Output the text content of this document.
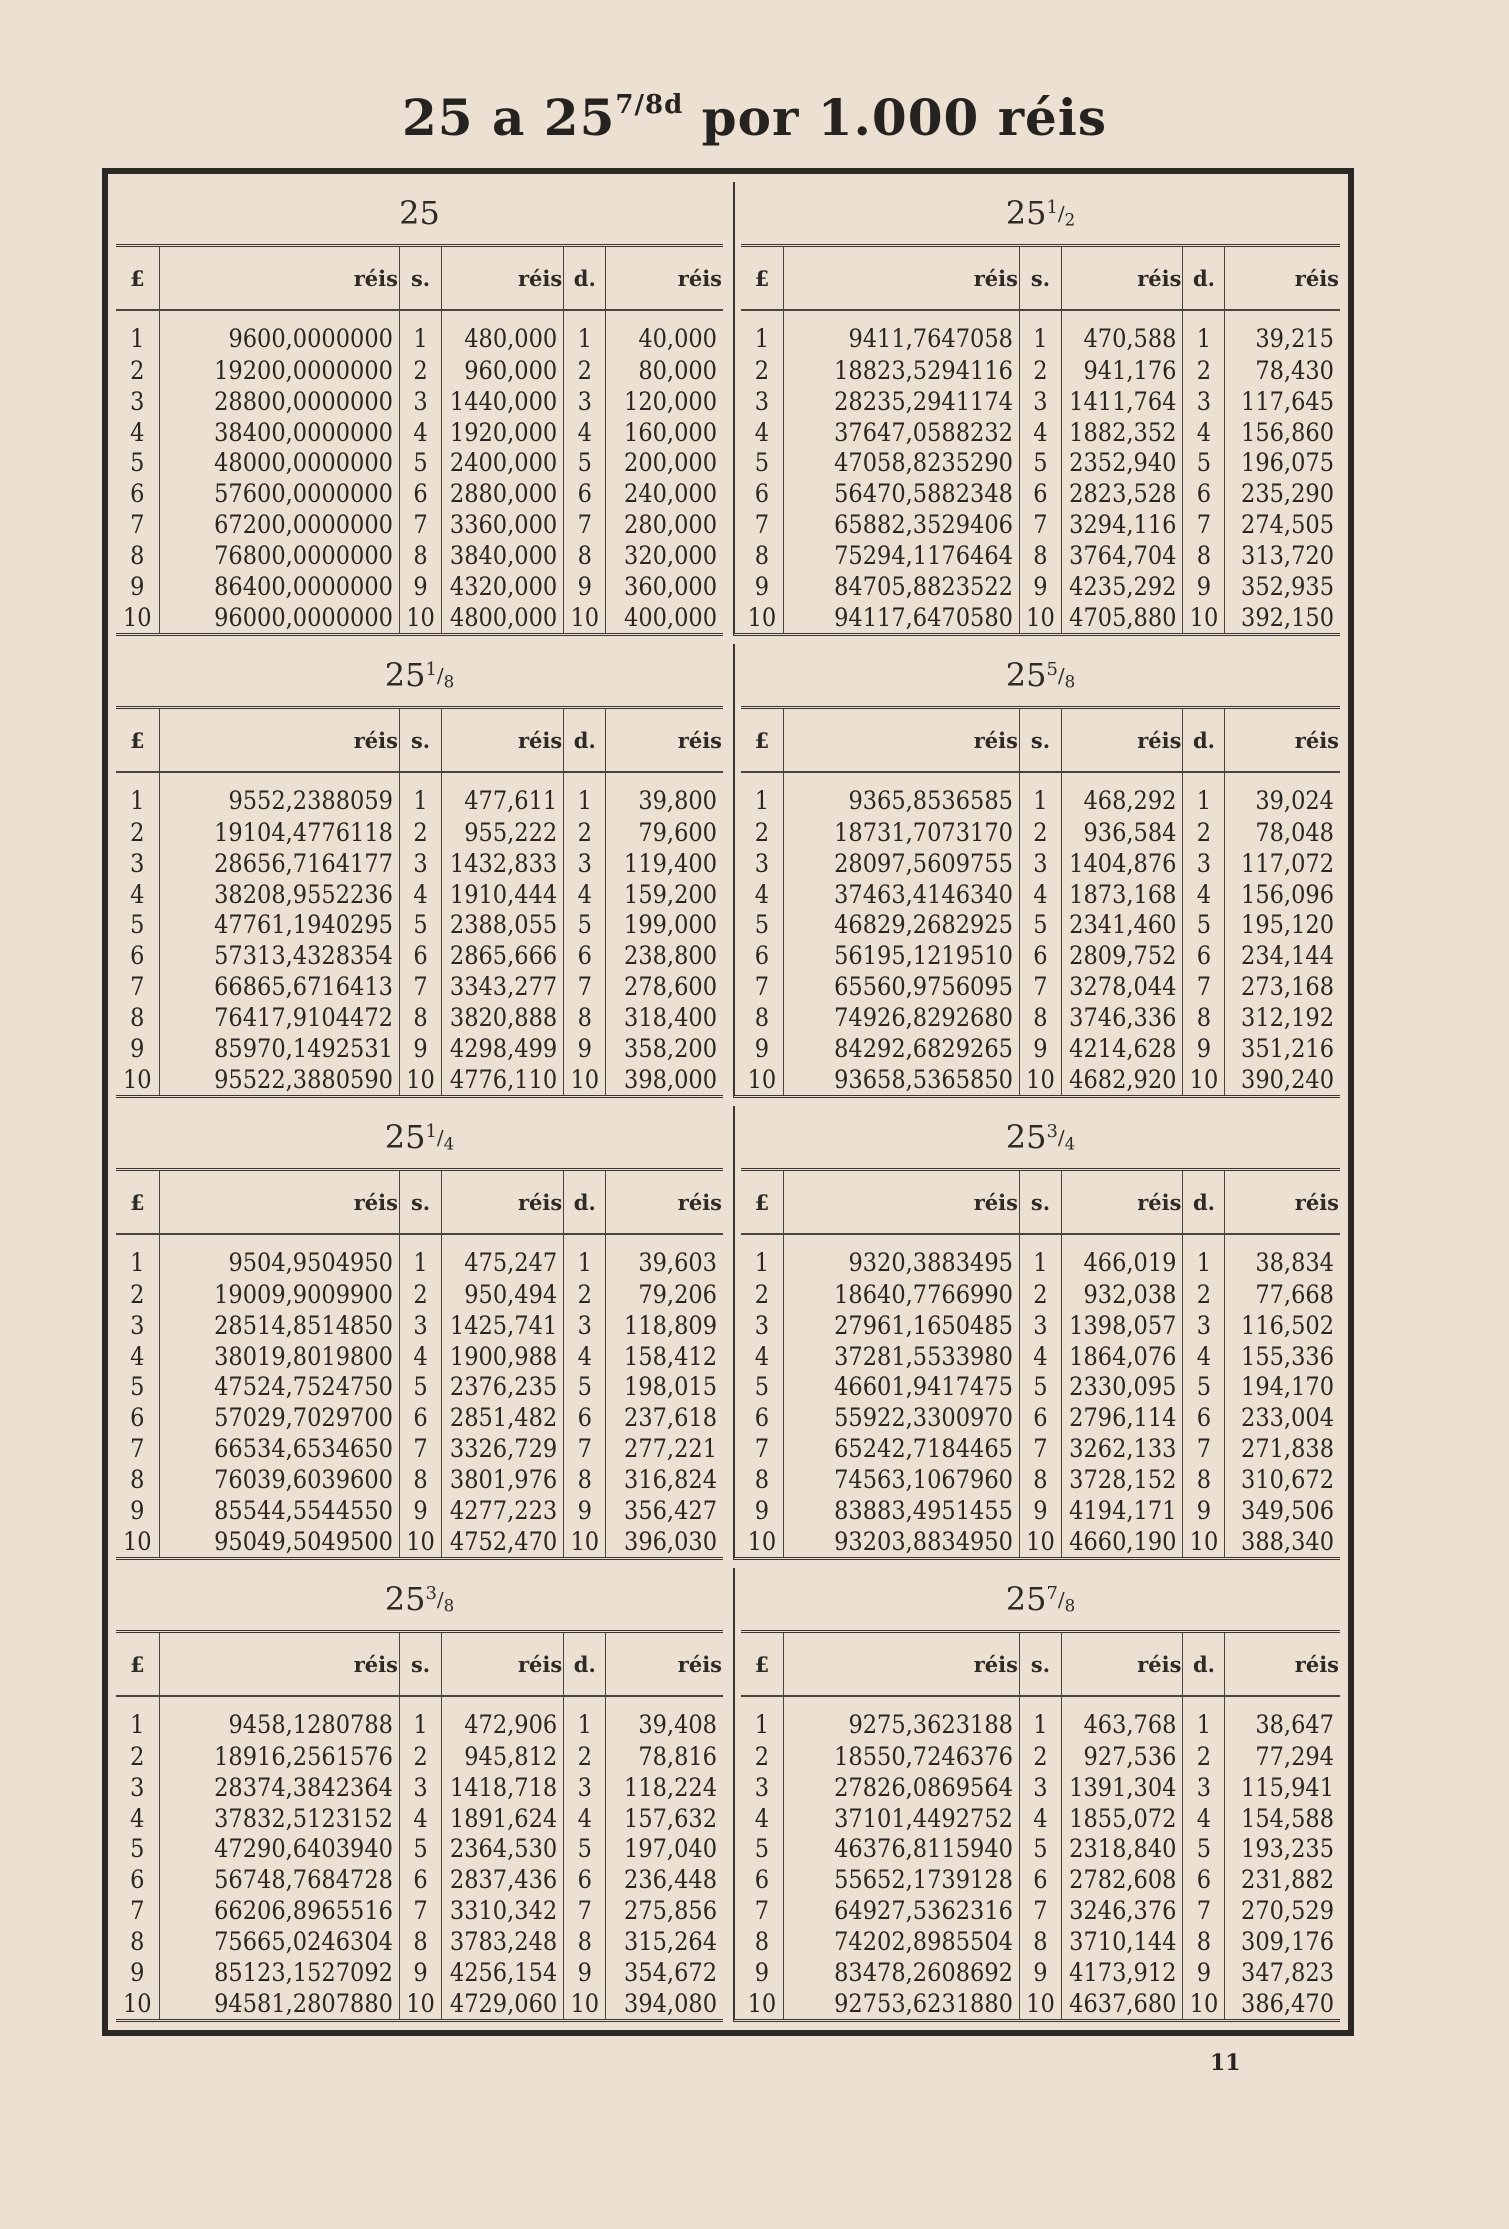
25 a $25^{7/8d}$ por 1.000 réis
25
£	réis	s.	réis	d.	réis
1	9600,0000000	1	480,000	1	40,000
2	19200,0000000	2	960,000	2	80,000
3	28800,0000000	3	1440,000	3	120,000
4	38400,0000000	4	1920,000	4	160,000
5	48000,0000000	5	2400,000	5	200,000
6	57600,0000000	6	2880,000	6	240,000
7	67200,0000000	7	3360,000	7	280,000
8	76800,0000000	8	3840,000	8	320,000
9	86400,0000000	9	4320,000	9	360,000
10	96000,0000000	10	4800,000	10	400,000
25 $^1/_2$
£	réis	s.	réis	d.	réis
1	9411,7647058	1	470,588	1	39,215
2	18823,5294116	2	941,176	2	78,430
3	28235,2941174	3	1411,764	3	117,645
4	37647,0588232	4	1882,352	4	156,860
5	47058,8235290	5	2352,940	5	196,075
6	56470,5882348	6	2823,528	6	235,290
7	65882,3529406	7	3294,116	7	274,505
8	75294,1176464	8	3764,704	8	313,720
9	84705,8823522	9	4235,292	9	352,935
10	94117,6470580	10	4705,880	10	392,150
25 $^1/_8$
£	réis	s.	réis	d.	réis
1	9552,2388059	1	477,611	1	39,800
2	19104,4776118	2	955,222	2	79,600
3	28656,7164177	3	1432,833	3	119,400
4	38208,9552236	4	1910,444	4	159,200
5	47761,1940295	5	2388,055	5	199,000
6	57313,4328354	6	2865,666	6	238,800
7	66865,6716413	7	3343,277	7	278,600
8	76417,9104472	8	3820,888	8	318,400
9	85970,1492531	9	4298,499	9	358,200
10	95522,3880590	10	4776,110	10	398,000
25 $^5/_8$
£	réis	s.	réis	d.	réis
1	9365,8536585	1	468,292	1	39,024
2	18731,7073170	2	936,584	2	78,048
3	28097,5609755	3	1404,876	3	117,072
4	37463,4146340	4	1873,168	4	156,096
5	46829,2682925	5	2341,460	5	195,120
6	56195,1219510	6	2809,752	6	234,144
7	65560,9756095	7	3278,044	7	273,168
8	74926,8292680	8	3746,336	8	312,192
9	84292,6829265	9	4214,628	9	351,216
10	93658,5365850	10	4682,920	10	390,240
25 $^1/_4$
£	réis	s.	réis	d.	réis
1	9504,9504950	1	475,247	1	39,603
2	19009,9009900	2	950,494	2	79,206
3	28514,8514850	3	1425,741	3	118,809
4	38019,8019800	4	1900,988	4	158,412
5	47524,7524750	5	2376,235	5	198,015
6	57029,7029700	6	2851,482	6	237,618
7	66534,6534650	7	3326,729	7	277,221
8	76039,6039600	8	3801,976	8	316,824
9	85544,5544550	9	4277,223	9	356,427
10	95049,5049500	10	4752,470	10	396,030
25 $^3/_4$
£	réis	s.	réis	d.	réis
1	9320,3883495	1	466,019	1	38,834
2	18640,7766990	2	932,038	2	77,668
3	27961,1650485	3	1398,057	3	116,502
4	37281,5533980	4	1864,076	4	155,336
5	46601,9417475	5	2330,095	5	194,170
6	55922,3300970	6	2796,114	6	233,004
7	65242,7184465	7	3262,133	7	271,838
8	74563,1067960	8	3728,152	8	310,672
9	83883,4951455	9	4194,171	9	349,506
10	93203,8834950	10	4660,190	10	388,340
25 $^3/_8$
£	réis	s.	réis	d.	réis
1	9458,1280788	1	472,906	1	39,408
2	18916,2561576	2	945,812	2	78,816
3	28374,3842364	3	1418,718	3	118,224
4	37832,5123152	4	1891,624	4	157,632
5	47290,6403940	5	2364,530	5	197,040
6	56748,7684728	6	2837,436	6	236,448
7	66206,8965516	7	3310,342	7	275,856
8	75665,0246304	8	3783,248	8	315,264
9	85123,1527092	9	4256,154	9	354,672
10	94581,2807880	10	4729,060	10	394,080
25 $^7/_8$
£	réis	s.	réis	d.	réis
1	9275,3623188	1	463,768	1	38,647
2	18550,7246376	2	927,536	2	77,294
3	27826,0869564	3	1391,304	3	115,941
4	37101,4492752	4	1855,072	4	154,588
5	46376,8115940	5	2318,840	5	193,235
6	55652,1739128	6	2782,608	6	231,882
7	64927,5362316	7	3246,376	7	270,529
8	74202,8985504	8	3710,144	8	309,176
9	83478,2608692	9	4173,912	9	347,823
10	92753,6231880	10	4637,680	10	386,470
11
